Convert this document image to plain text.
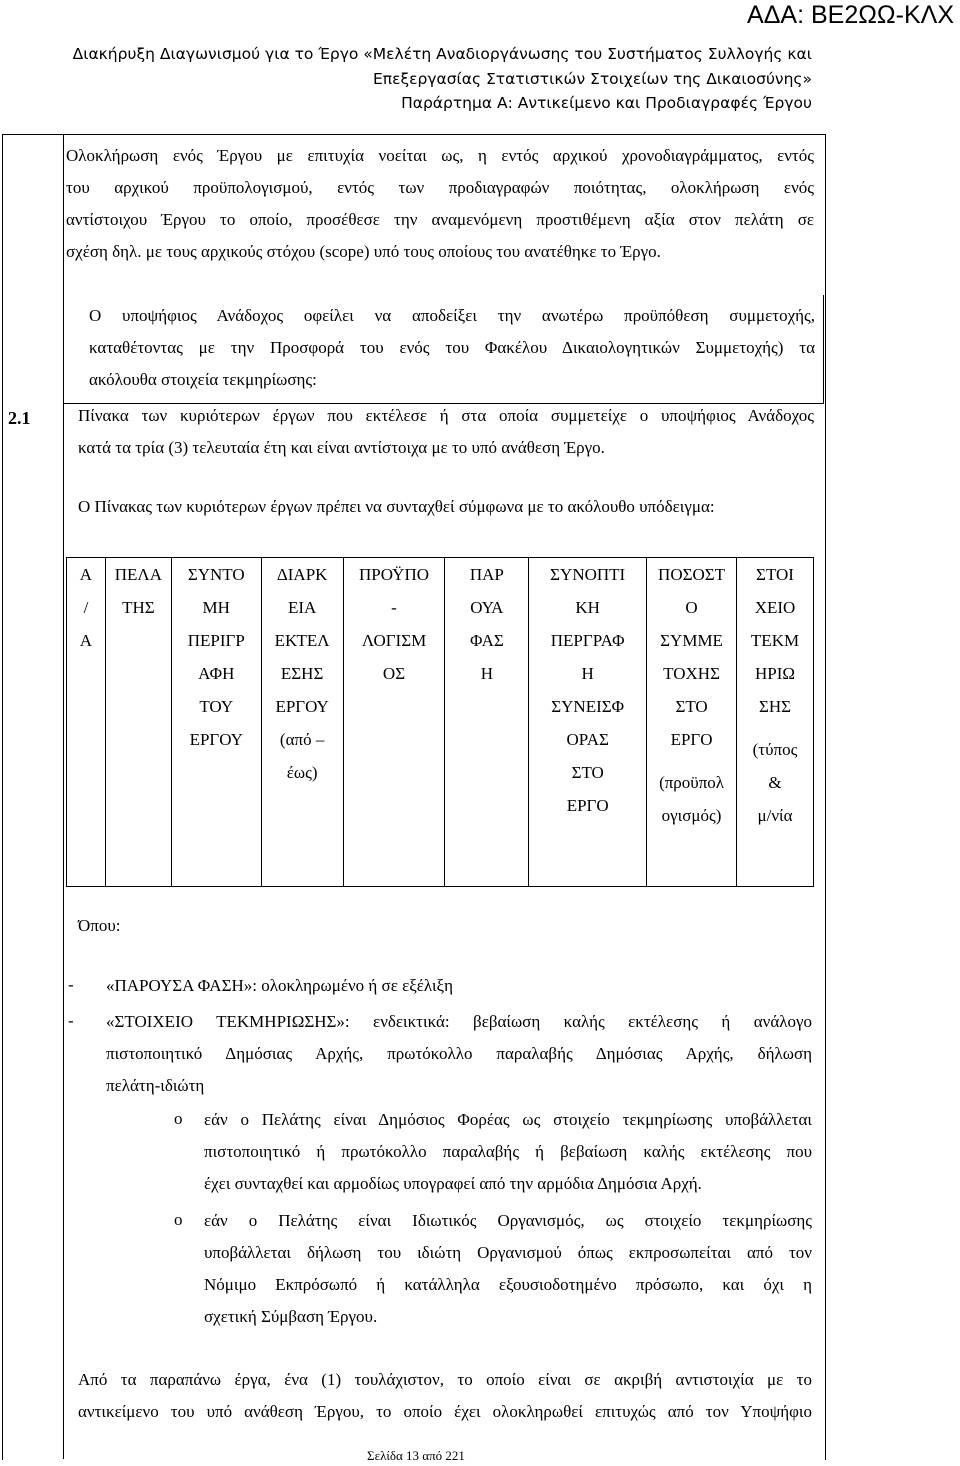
ΑΔΑ: ΒΕ2ΩΩ-ΚΛΧ
Διακήρυξη Διαγωνισμού για το Έργο «Μελέτη Αναδιοργάνωσης του Συστήματος Συλλογής και
Επεξεργασίας Στατιστικών Στοιχείων της Δικαιοσύνης»
Παράρτημα Α: Αντικείμενο και Προδιαγραφές Έργου
Ολοκλήρωση ενός Έργου με επιτυχία νοείται ως, η εντός αρχικού χρονοδιαγράμματος, εντός
του αρχικού προϋπολογισμού, εντός των προδιαγραφών ποιότητας, ολοκλήρωση ενός
αντίστοιχου Έργου το οποίο, προσέθεσε την αναμενόμενη προστιθέμενη αξία στον πελάτη σε
σχέση δηλ. με τους αρχικούς στόχου (scope) υπό τους οποίους του ανατέθηκε το Έργο.
Ο υποψήφιος Ανάδοχος οφείλει να αποδείξει την ανωτέρω προϋπόθεση συμμετοχής,
καταθέτοντας με την Προσφορά του ενός του Φακέλου Δικαιολογητικών Συμμετοχής) τα
ακόλουθα στοιχεία τεκμηρίωσης:
2.1	Πίνακα των κυριότερων έργων που εκτέλεσε ή στα οποία συμμετείχε ο υποψήφιος Ανάδοχος
κατά τα τρία (3) τελευταία έτη και είναι αντίστοιχα με το υπό ανάθεση Έργο.
Ο Πίνακας των κυριότερων έργων πρέπει να συνταχθεί σύμφωνα με το ακόλουθο υπόδειγμα:
Α
/
Α

ΠΕΛΑ
ΤΗΣ

ΣΥΝΤΟ
ΜΗ
ΠΕΡΙΓΡ
ΑΦΗ
ΤΟΥ
ΕΡΓΟΥ

ΔΙΑΡΚ
ΕΙΑ
ΕΚΤΕΛ
ΕΣΗΣ
ΕΡΓΟΥ
(από –
έως)

ΠΡΟΫΠΟ
-
ΛΟΓΙΣΜ
ΟΣ

ΠΑΡ
ΟΥΑ
ΦΑΣ
Η

ΣΥΝΟΠΤΙ
ΚΗ
ΠΕΡΓΡΑΦ
Η
ΣΥΝΕΙΣΦ
ΟΡΑΣ
ΣΤΟ
ΕΡΓΟ

ΠΟΣΟΣΤ
Ο
ΣΥΜΜΕ
ΤΟΧΗΣ
ΣΤΟ
ΕΡΓΟ
(προϋπολ
ογισμός)

ΣΤΟΙ
ΧΕΙΟ
ΤΕΚΜ
ΗΡΙΩ
ΣΗΣ
(τύπος
&
μ/νία
Όπου:
- «ΠΑΡΟΥΣΑ ΦΑΣΗ»: ολοκληρωμένο ή σε εξέλιξη
- «ΣΤΟΙΧΕΙΟ ΤΕΚΜΗΡΙΩΣΗΣ»: ενδεικτικά: βεβαίωση καλής εκτέλεσης ή ανάλογο
πιστοποιητικό Δημόσιας Αρχής, πρωτόκολλο παραλαβής Δημόσιας Αρχής, δήλωση
πελάτη-ιδιώτη
o εάν ο Πελάτης είναι Δημόσιος Φορέας ως στοιχείο τεκμηρίωσης υποβάλλεται
πιστοποιητικό ή πρωτόκολλο παραλαβής ή βεβαίωση καλής εκτέλεσης που
έχει συνταχθεί και αρμοδίως υπογραφεί από την αρμόδια Δημόσια Αρχή.
o εάν ο Πελάτης είναι Ιδιωτικός Οργανισμός, ως στοιχείο τεκμηρίωσης
υποβάλλεται δήλωση του ιδιώτη Οργανισμού όπως εκπροσωπείται από τον
Νόμιμο Εκπρόσωπό ή κατάλληλα εξουσιοδοτημένο πρόσωπο, και όχι η
σχετική Σύμβαση Έργου.
Από τα παραπάνω έργα, ένα (1) τουλάχιστον, το οποίο είναι σε ακριβή αντιστοιχία με το
αντικείμενο του υπό ανάθεση Έργου, το οποίο έχει ολοκληρωθεί επιτυχώς από τον Υποψήφιο
Σελίδα 13 από 221
